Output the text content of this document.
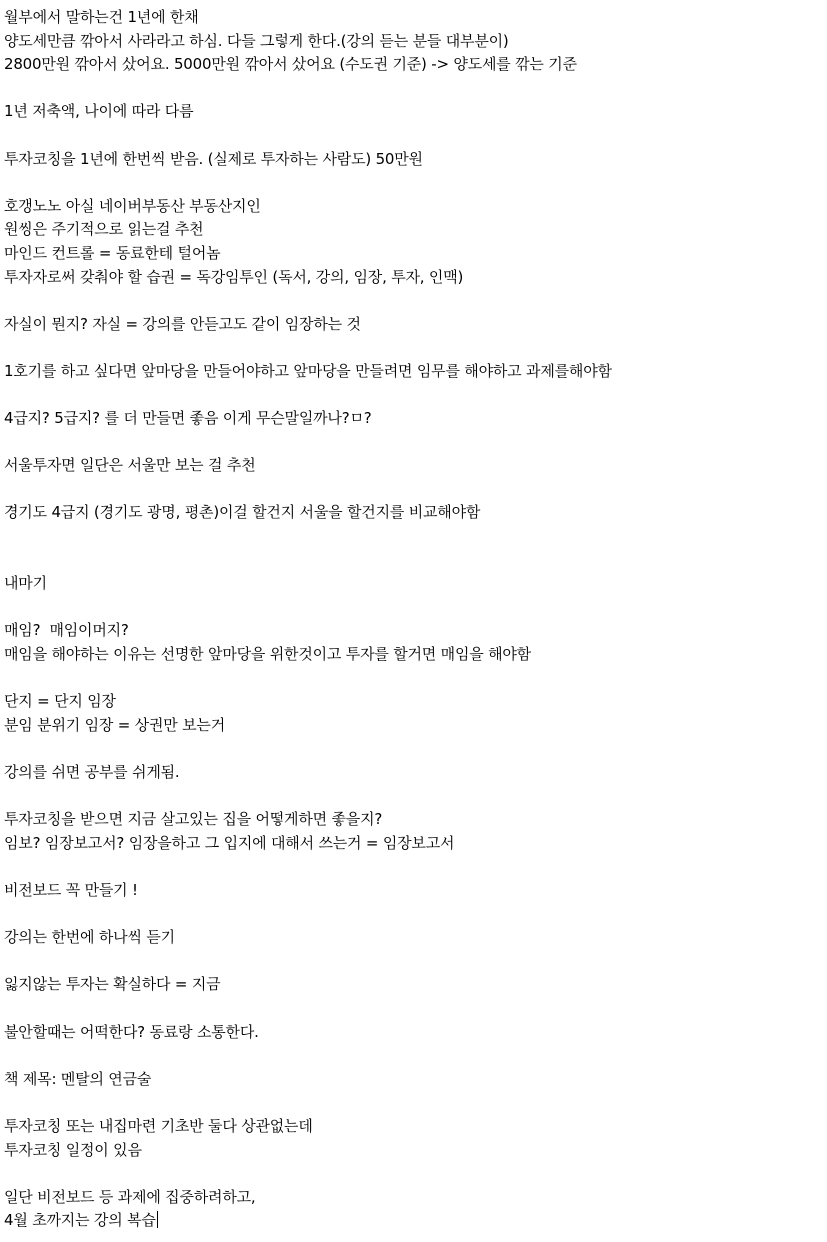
월부에서 말하는건 1년에 한채
양도세만큼 깎아서 사라라고 하심. 다들 그렇게 한다.(강의 듣는 분들 대부분이)
2800만원 깎아서 샀어요. 5000만원 깎아서 샀어요 (수도권 기준) -> 양도세를 깎는 기준
1년 저축액, 나이에 따라 다름
투자코칭을 1년에 한번씩 받음. (실제로 투자하는 사람도) 50만원
호갱노노 아실 네이버부동산 부동산지인
원씽은 주기적으로 읽는걸 추천
마인드 컨트롤 = 동료한테 털어놈
투자자로써 갖춰야 할 습권 = 독강임투인 (독서, 강의, 임장, 투자, 인맥)
자실이 뭔지? 자실 = 강의를 안듣고도 같이 임장하는 것
1호기를 하고 싶다면 앞마당을 만들어야하고 앞마당을 만들려면 임무를 해야하고 과제를해야함
4급지? 5급지? 를 더 만들면 좋음 이게 무슨말일까나?ㅁ?
서울투자면 일단은 서울만 보는 걸 추천
경기도 4급지 (경기도 광명, 평촌)이걸 할건지 서울을 할건지를 비교해야함
내마기
매임?  매임이머지?
매임을 해야하는 이유는 선명한 앞마당을 위한것이고 투자를 할거면 매임을 해야함
단지 = 단지 임장
분임 분위기 임장 = 상권만 보는거
강의를 쉬면 공부를 쉬게됨.
투자코칭을 받으면 지금 살고있는 집을 어떻게하면 좋을지?
임보? 임장보고서? 임장을하고 그 입지에 대해서 쓰는거 = 임장보고서
비전보드 꼭 만들기 !
강의는 한번에 하나씩 듣기
잃지않는 투자는 확실하다 = 지금
불안할때는 어떡한다? 동료랑 소통한다.
책 제목: 멘탈의 연금술
투자코칭 또는 내집마련 기초반 둘다 상관없는데
투자코칭 일정이 있음
일단 비전보드 등 과제에 집중하려하고,
4월 초까지는 강의 복습
